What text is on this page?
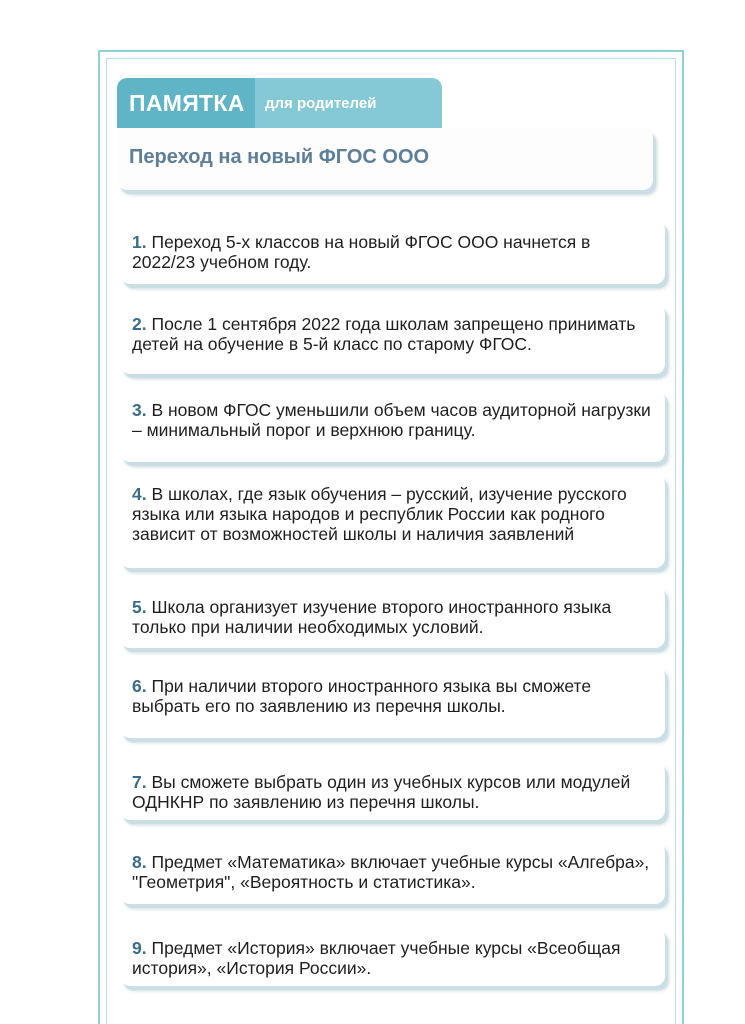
ПАМЯТКА для родителей
Переход на новый ФГОС ООО
1. Переход 5-х классов на новый ФГОС ООО начнется в 2022/23 учебном году.
2. После 1 сентября 2022 года школам запрещено принимать детей на обучение в 5-й класс по старому ФГОС.
3. В новом ФГОС уменьшили объем часов аудиторной нагрузки – минимальный порог и верхнюю границу.
4. В школах, где язык обучения – русский, изучение русского языка или языка народов и республик России как родного зависит от возможностей школы и наличия заявлений
5. Школа организует изучение второго иностранного языка только при наличии необходимых условий.
6. При наличии второго иностранного языка вы сможете выбрать его по заявлению из перечня школы.
7. Вы сможете выбрать один из учебных курсов или модулей ОДНКНР по заявлению из перечня школы.
8. Предмет «Математика» включает учебные курсы «Алгебра», "Геометрия", «Вероятность и статистика».
9. Предмет «История» включает учебные курсы «Всеобщая история», «История России».
